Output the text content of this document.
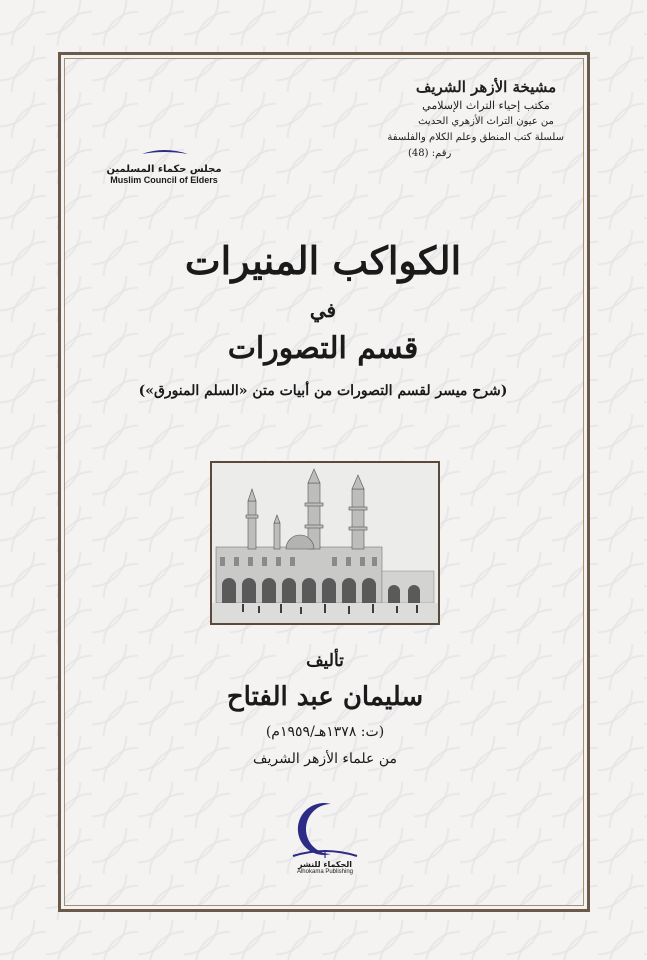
مشيخة الأزهر الشريف
مكتب إحياء التراث الإسلامي
من عيون التراث الأزهري الحديث
سلسلة كتب المنطق وعلم الكلام والفلسفة
رقم: (48)
مجلس حكماء المسلمين
Muslim Council of Elders
الكواكب المنيرات
في
قسم التصورات
(شرح ميسر لقسم التصورات من أبيات متن «السلم المنورق»)
تأليف
سليمان عبد الفتاح
(ت: ١٣٧٨هـ/١٩٥٩م)
من علماء الأزهر الشريف
الحكماء للنشر
Alhokama Publishing
